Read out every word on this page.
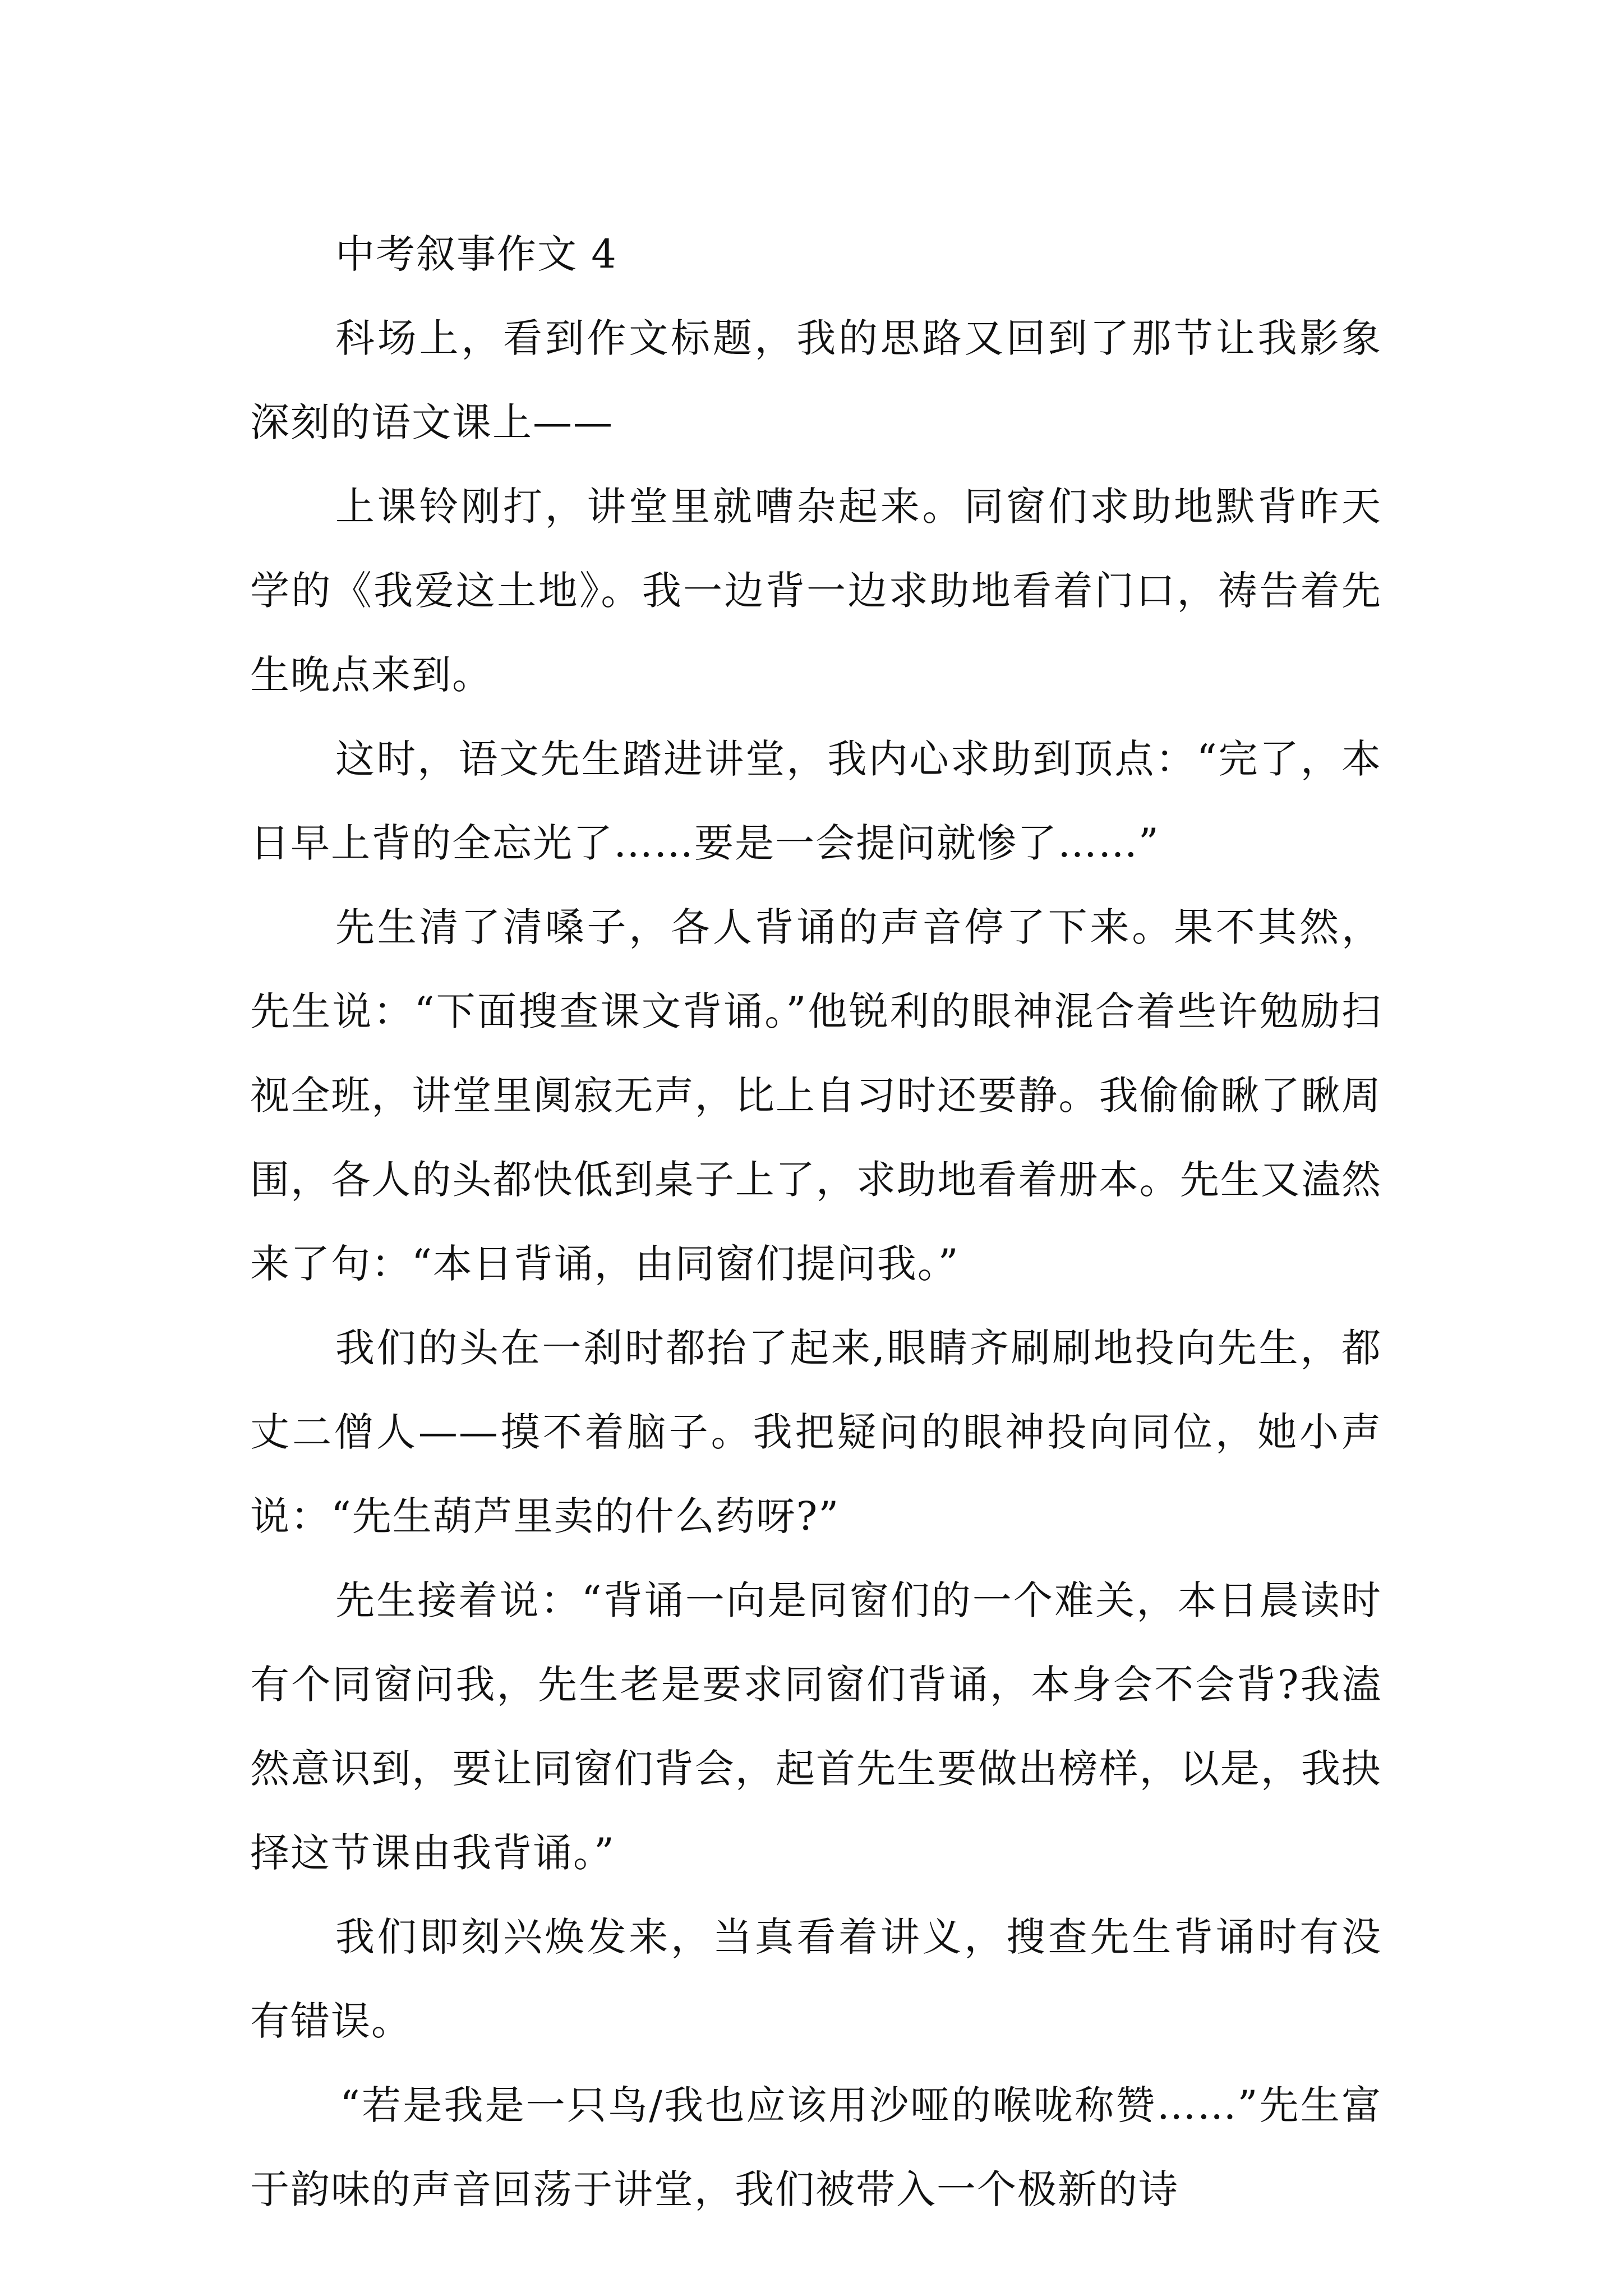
中考叙事作文 4

科场上，看到作文标题，我的思路又回到了那节让我影象深刻的语文课上——

上课铃刚打，讲堂里就嘈杂起来。同窗们求助地默背昨天学的《我爱这土地》。我一边背一边求助地看着门口，祷告着先生晚点来到。

这时，语文先生踏进讲堂，我内心求助到顶点：“完了，本日早上背的全忘光了……要是一会提问就惨了……”

先生清了清嗓子，各人背诵的声音停了下来。果不其然，先生说：“下面搜查课文背诵。”他锐利的眼神混合着些许勉励扫视全班，讲堂里阒寂无声，比上自习时还要静。我偷偷瞅了瞅周围，各人的头都快低到桌子上了，求助地看着册本。先生又溘然来了句：“本日背诵，由同窗们提问我。”

我们的头在一刹时都抬了起来,眼睛齐刷刷地投向先生，都丈二僧人——摸不着脑子。我把疑问的眼神投向同位，她小声说：“先生葫芦里卖的什么药呀?”

先生接着说：“背诵一向是同窗们的一个难关，本日晨读时有个同窗问我，先生老是要求同窗们背诵，本身会不会背?我溘然意识到，要让同窗们背会，起首先生要做出榜样，以是，我抉择这节课由我背诵。”

我们即刻兴焕发来，当真看着讲义，搜查先生背诵时有没有错误。

“若是我是一只鸟/我也应该用沙哑的喉咙称赞……”先生富于韵味的声音回荡于讲堂，我们被带入一个极新的诗
